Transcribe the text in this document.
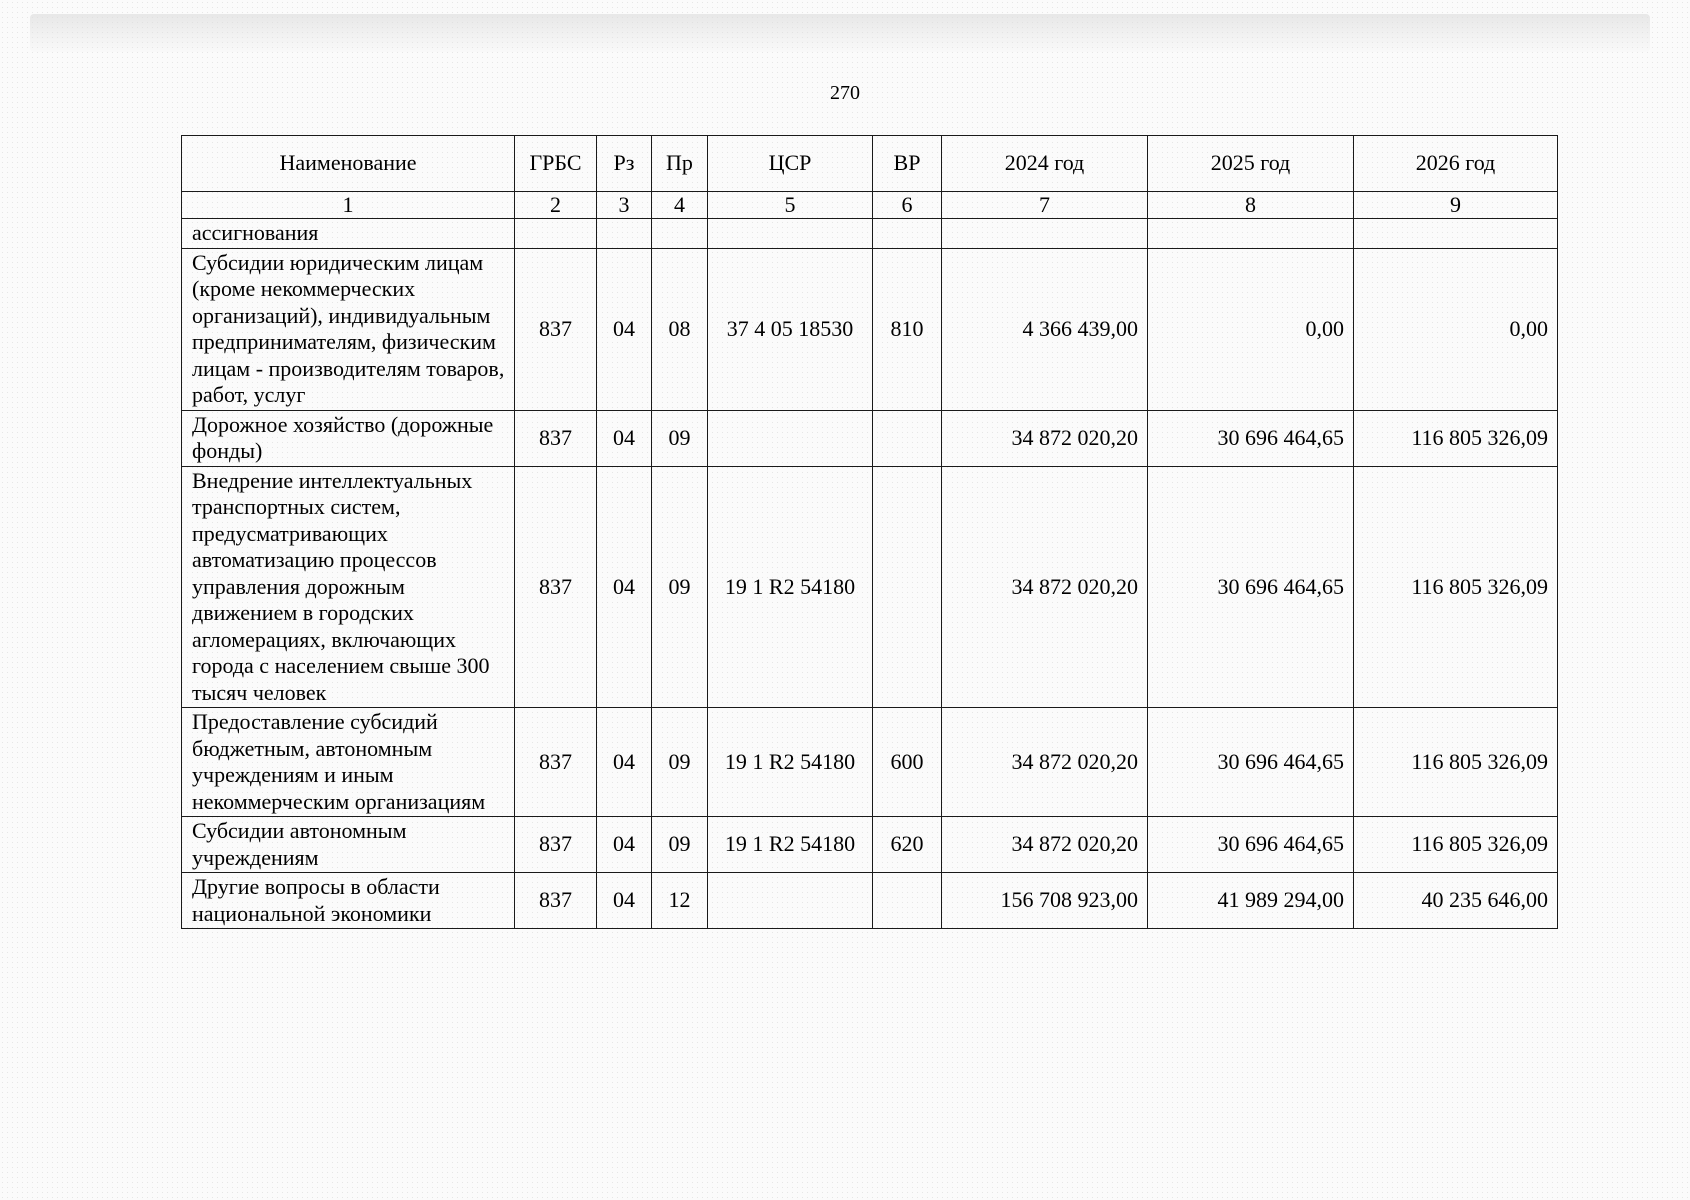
270
Наименование	ГРБС	Рз	Пр	ЦСР	ВР	2024 год	2025 год	2026 год
1	2	3	4	5	6	7	8	9
ассигнования								
Субсидии юридическим лицам (кроме некоммерческих организаций), индивидуальным предпринимателям, физическим лицам - производителям товаров, работ, услуг	837	04	08	37 4 05 18530	810	4 366 439,00	0,00	0,00
Дорожное хозяйство (дорожные фонды)	837	04	09			34 872 020,20	30 696 464,65	116 805 326,09
Внедрение интеллектуальных транспортных систем, предусматривающих автоматизацию процессов управления дорожным движением в городских агломерациях, включающих города с населением свыше 300 тысяч человек	837	04	09	19 1 R2 54180		34 872 020,20	30 696 464,65	116 805 326,09
Предоставление субсидий бюджетным, автономным учреждениям и иным некоммерческим организациям	837	04	09	19 1 R2 54180	600	34 872 020,20	30 696 464,65	116 805 326,09
Субсидии автономным учреждениям	837	04	09	19 1 R2 54180	620	34 872 020,20	30 696 464,65	116 805 326,09
Другие вопросы в области национальной экономики	837	04	12			156 708 923,00	41 989 294,00	40 235 646,00
